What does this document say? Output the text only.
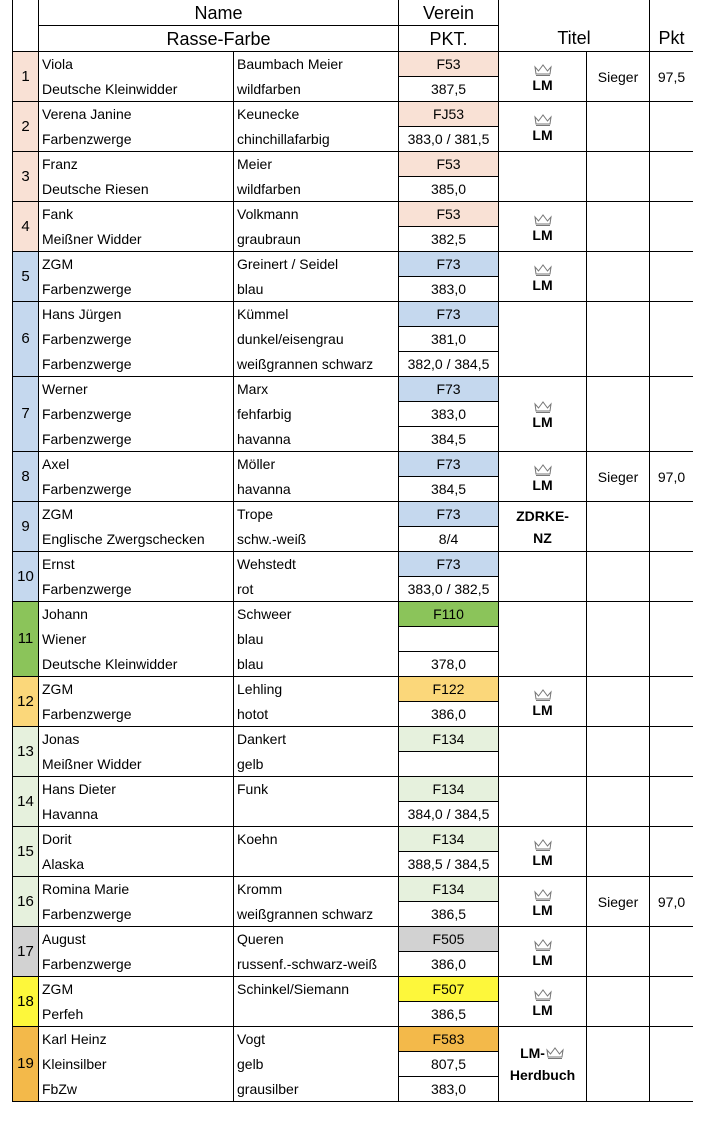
	Name		Verein			
	Rasse-Farbe		PKT.	Titel		Pkt
1	Viola	Baumbach Meier	F53	LM	Sieger	97,5
	Deutsche Kleinwidder	wildfarben	387,5			
2	Verena Janine	Keunecke	FJ53	LM		

	Farbenzwerge	chinchillafarbig	383,0 / 381,5			
3	Franz	Meier	F53	

	Deutsche Riesen	wildfarben	385,0			
4	Fank	Volkmann	F53	LM		

	Meißner Widder	graubraun	382,5			
5	ZGM	Greinert / Seidel	F73	LM		

	Farbenzwerge	blau	383,0			
6	Hans Jürgen	Kümmel	F73	

	Farbenzwerge	dunkel/eisengrau	381,0			
	Farbenzwerge	weißgrannen schwarz	382,0 / 384,5			
7	Werner	Marx	F73	LM		

	Farbenzwerge	fehfarbig	383,0			
	Farbenzwerge	havanna	384,5			
8	Axel	Möller	F73	LM	Sieger	97,0
	Farbenzwerge	havanna	384,5			
9	ZGM	Trope	F73	ZDRKE-
NZ		

	Englische Zwergschecken	schw.-weiß	8/4			
10	Ernst	Wehstedt	F73	

	Farbenzwerge	rot	383,0 / 382,5			
11	Johann	Schweer	F110	

	Wiener	blau				
	Deutsche Kleinwidder	blau	378,0			
12	ZGM	Lehling	F122	LM		

	Farbenzwerge	hotot	386,0			
13	Jonas	Dankert	F134	

	Meißner Widder	gelb				
14	Hans Dieter	Funk	F134	

	Havanna		384,0 / 384,5			
15	Dorit	Koehn	F134	LM		

	Alaska		388,5 / 384,5			
16	Romina Marie	Kromm	F134	LM	Sieger	97,0
	Farbenzwerge	weißgrannen schwarz	386,5			
17	August	Queren	F505	LM		

	Farbenzwerge	russenf.-schwarz-weiß	386,0			
18	ZGM	Schinkel/Siemann	F507	LM		

	Perfeh		386,5			
19	Karl Heinz	Vogt	F583	LM-
Herdbuch		

	Kleinsilber	gelb	807,5			
	FbZw	grausilber	383,0			
